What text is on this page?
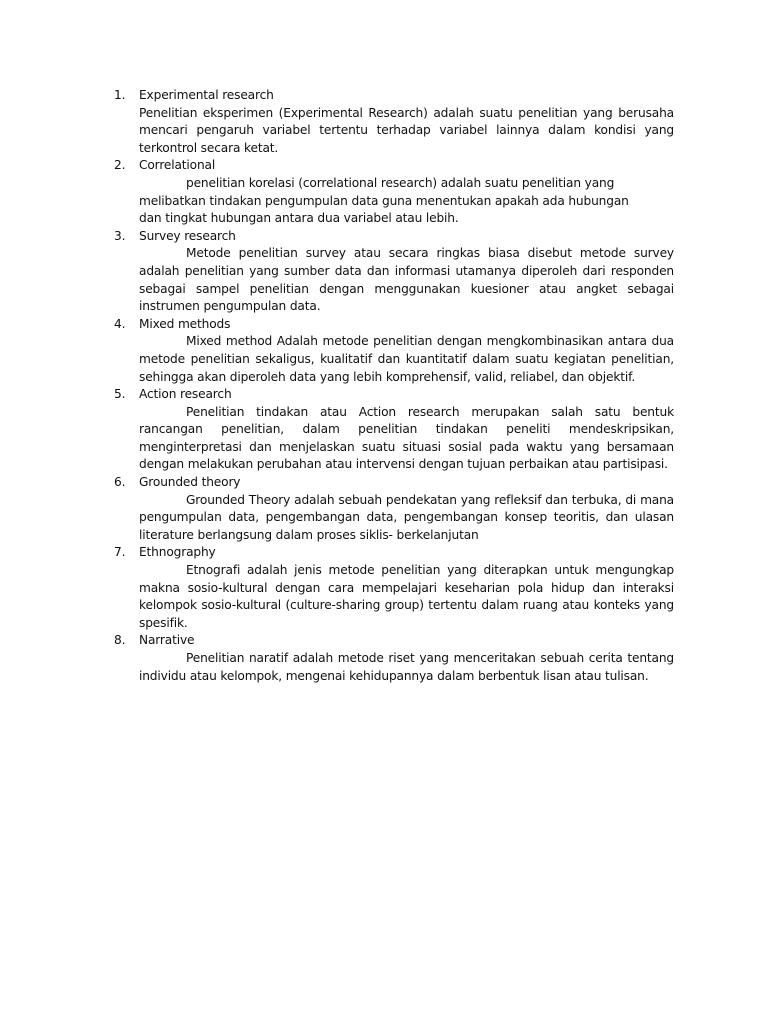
1.	Experimental research
Penelitian eksperimen (Experimental Research) adalah suatu penelitian yang berusaha mencari pengaruh variabel tertentu terhadap variabel lainnya dalam kondisi yang terkontrol secara ketat.
2.	Correlational
penelitian korelasi (correlational research) adalah suatu penelitian yang
melibatkan tindakan pengumpulan data guna menentukan apakah ada hubungan
dan tingkat hubungan antara dua variabel atau lebih.
3.	Survey research
Metode penelitian survey atau secara ringkas biasa disebut metode survey adalah penelitian yang sumber data dan informasi utamanya diperoleh dari responden sebagai sampel penelitian dengan menggunakan kuesioner atau angket sebagai instrumen pengumpulan data.
4.	Mixed methods
Mixed method Adalah metode penelitian dengan mengkombinasikan antara dua metode penelitian sekaligus, kualitatif dan kuantitatif dalam suatu kegiatan penelitian, sehingga akan diperoleh data yang lebih komprehensif, valid, reliabel, dan objektif.
5.	Action research
Penelitian tindakan atau Action research merupakan salah satu bentuk rancangan penelitian, dalam penelitian tindakan peneliti mendeskripsikan, menginterpretasi dan menjelaskan suatu situasi sosial pada waktu yang bersamaan dengan melakukan perubahan atau intervensi dengan tujuan perbaikan atau partisipasi.
6.	Grounded theory
Grounded Theory adalah sebuah pendekatan yang refleksif dan terbuka, di mana pengumpulan data, pengembangan data, pengembangan konsep teoritis, dan ulasan literature berlangsung dalam proses siklis- berkelanjutan
7.	Ethnography
Etnografi adalah jenis metode penelitian yang diterapkan untuk mengungkap makna sosio-kultural dengan cara mempelajari keseharian pola hidup dan interaksi kelompok sosio-kultural (culture-sharing group) tertentu dalam ruang atau konteks yang spesifik.
8.	Narrative
Penelitian naratif adalah metode riset yang menceritakan sebuah cerita tentang individu atau kelompok, mengenai kehidupannya dalam berbentuk lisan atau tulisan.
